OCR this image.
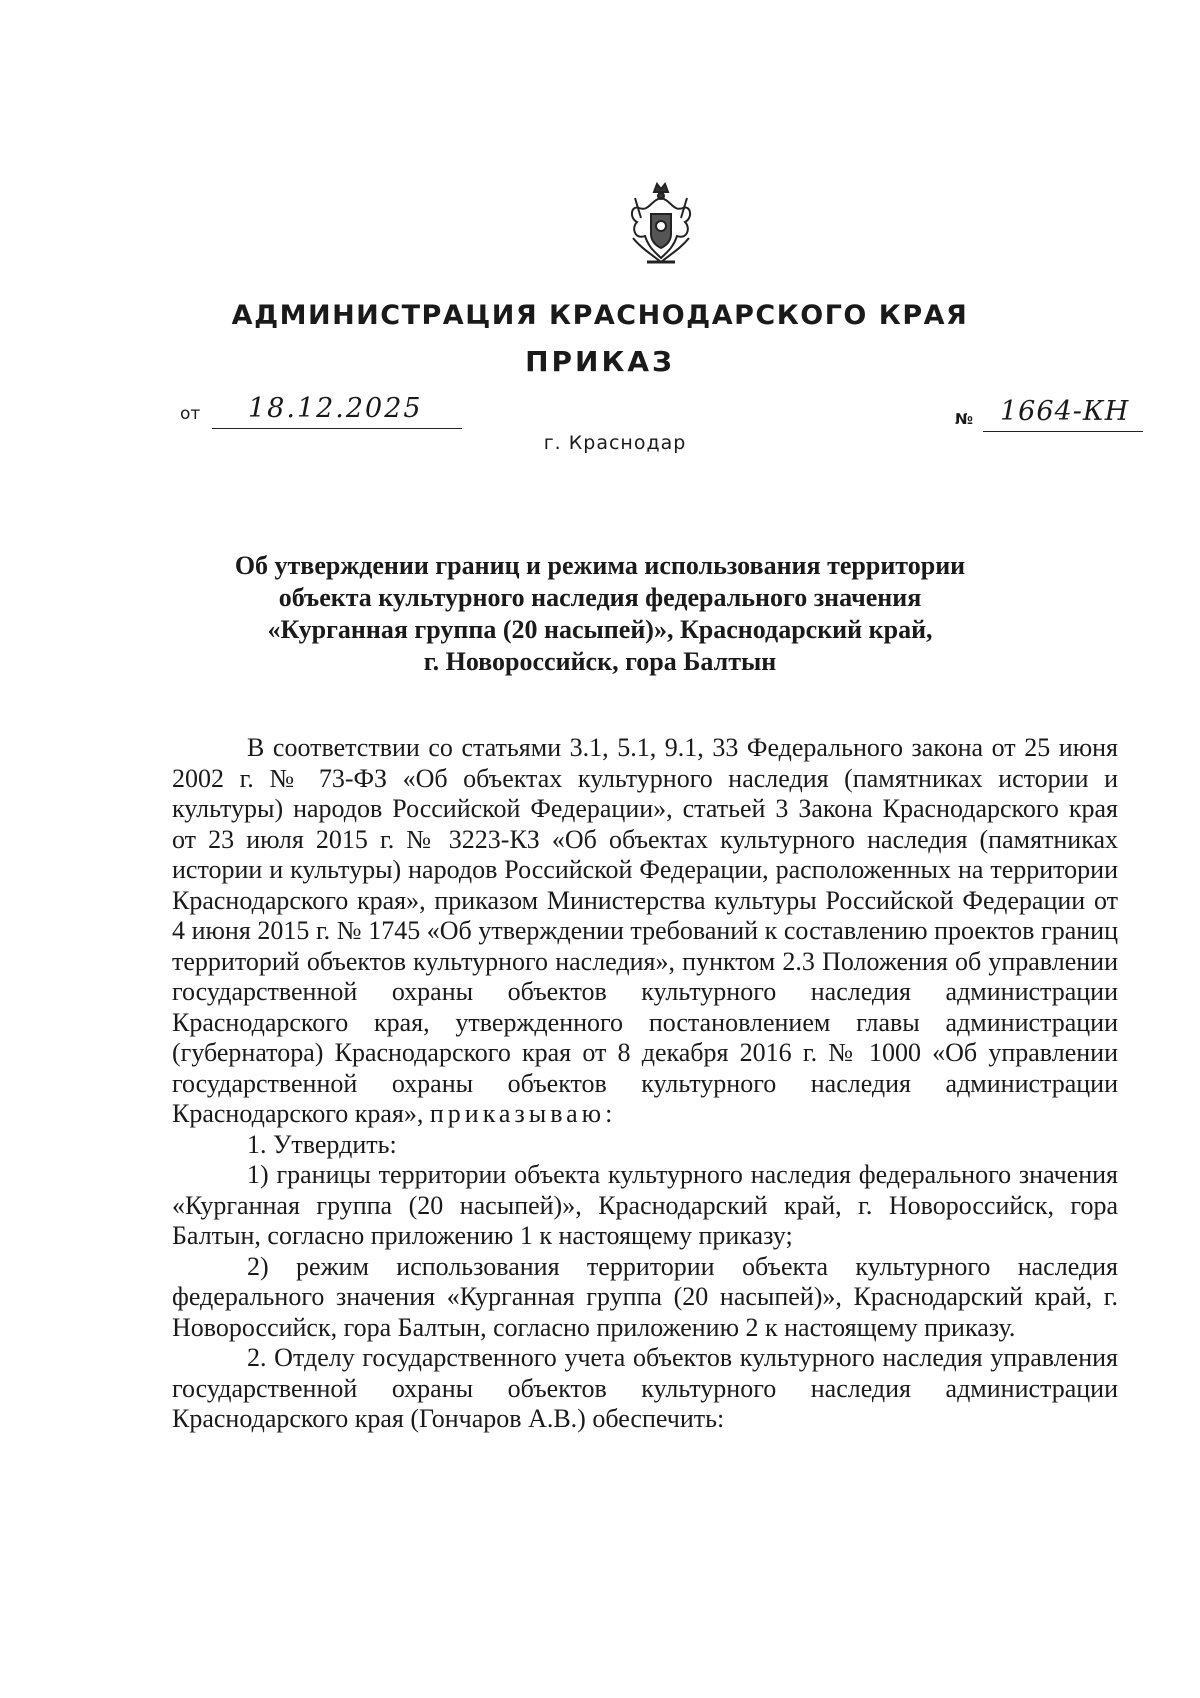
АДМИНИСТРАЦИЯ КРАСНОДАРСКОГО КРАЯ
ПРИКАЗ
от 18.12.2025
г. Краснодар
№ 1664-КН
Об утверждении границ и режима использования территории
объекта культурного наследия федерального значения
«Курганная группа (20 насыпей)», Краснодарский край,
г. Новороссийск, гора Балтын

В соответствии со статьями 3.1, 5.1, 9.1, 33 Федерального закона от 25 июня 2002 г. № 73-ФЗ «Об объектах культурного наследия (памятниках истории и культуры) народов Российской Федерации», статьей 3 Закона Краснодарского края от 23 июля 2015 г. № 3223-КЗ «Об объектах культурного наследия (памятниках истории и культуры) народов Российской Федерации, расположенных на территории Краснодарского края», приказом Министерства культуры Российской Федерации от 4 июня 2015 г. № 1745 «Об утверждении требований к составлению проектов границ территорий объектов культурного наследия», пунктом 2.3 Положения об управлении государственной охраны объектов культурного наследия администрации Краснодарского края, утвержденного постановлением главы администрации (губернатора) Краснодарского края от 8 декабря 2016 г. № 1000 «Об управлении государственной охраны объектов культурного наследия администрации Краснодарского края», приказываю:

1. Утвердить:

1) границы территории объекта культурного наследия федерального значения «Курганная группа (20 насыпей)», Краснодарский край, г. Новороссийск, гора Балтын, согласно приложению 1 к настоящему приказу;

2) режим использования территории объекта культурного наследия федерального значения «Курганная группа (20 насыпей)», Краснодарский край, г. Новороссийск, гора Балтын, согласно приложению 2 к настоящему приказу.

2. Отделу государственного учета объектов культурного наследия управления государственной охраны объектов культурного наследия администрации Краснодарского края (Гончаров А.В.) обеспечить:
